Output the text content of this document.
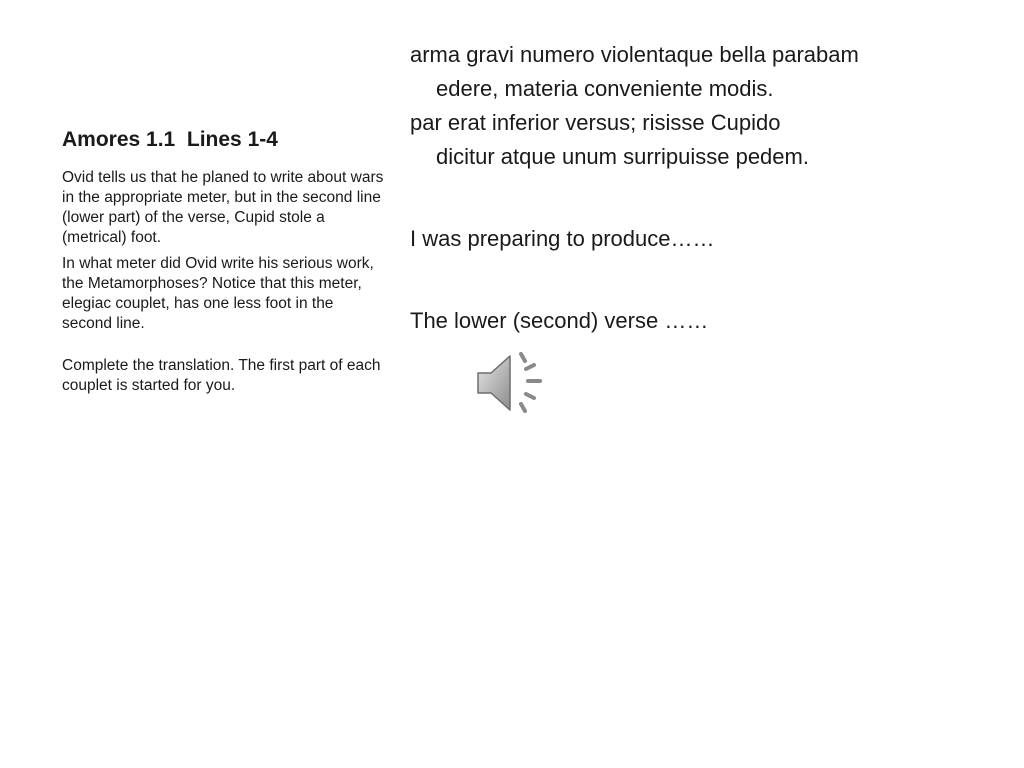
Amores 1.1  Lines 1-4

Ovid tells us that he planed to write about wars in the appropriate meter, but in the second line (lower part) of the verse, Cupid stole a (metrical) foot.

In what meter did Ovid write his serious work, the Metamorphoses? Notice that this meter, elegiac couplet, has one less foot in the second line.

Complete the translation. The first part of each couplet is started for you.

arma gravi numero violentaque bella parabam
edere, materia conveniente modis.
par erat inferior versus; risisse Cupido
dicitur atque unum surripuisse pedem.
I was preparing to produce……
The lower (second) verse ……
